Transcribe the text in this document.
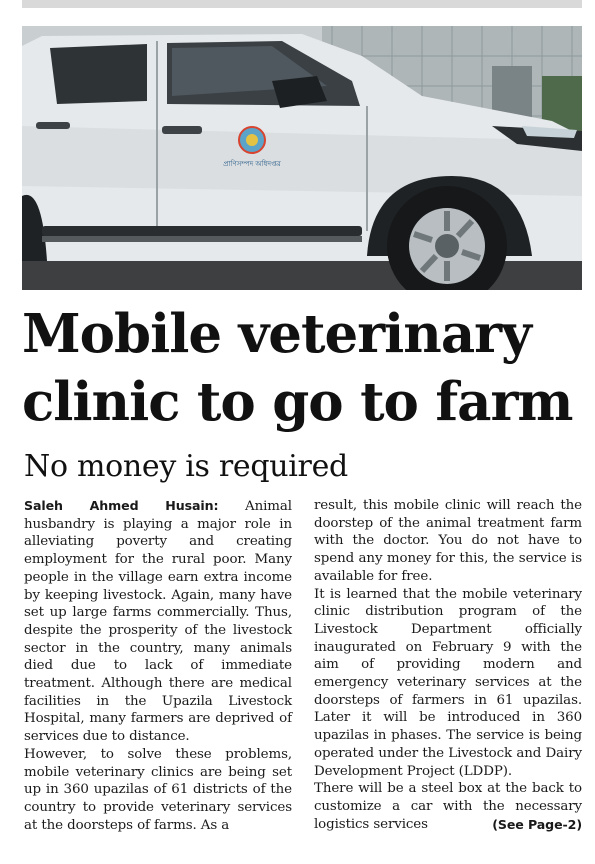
প্রাণিসম্পদ অধিদপ্তর
Mobile veterinary
clinic to go to farm
No money is required

Saleh Ahmed Husain: Animal husbandry is playing a major role in alleviating poverty and creating employment for the rural poor. Many people in the village earn extra income by keeping livestock. Again, many have set up large farms commercially. Thus, despite the prosperity of the livestock sector in the country, many animals died due to lack of immediate treatment. Although there are medical facilities in the Upazila Livestock Hospital, many farmers are deprived of services due to distance.

However, to solve these problems, mobile veterinary clinics are being set up in 360 upazilas of 61 districts of the country to provide veterinary services at the doorsteps of farms. As a

result, this mobile clinic will reach the doorstep of the animal treatment farm with the doctor. You do not have to spend any money for this, the service is available for free.

It is learned that the mobile veterinary clinic distribution program of the Livestock Department officially inaugurated on February 9 with the aim of providing modern and emergency veterinary services at the doorsteps of farmers in 61 upazilas. Later it will be introduced in 360 upazilas in phases. The service is being operated under the Livestock and Dairy Development Project (LDDP).

There will be a steel box at the back to customize a car with the necessary logistics services	(See Page-2)
